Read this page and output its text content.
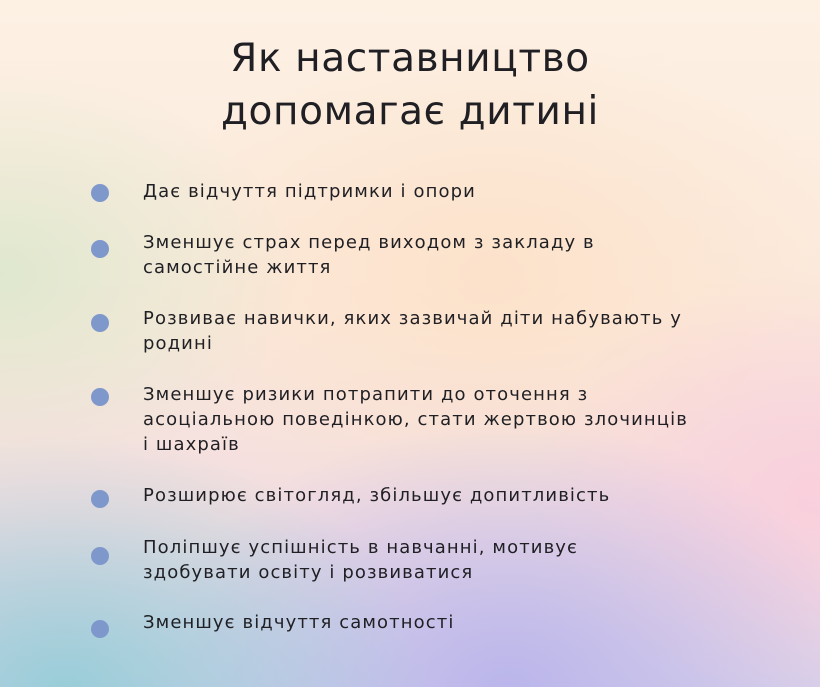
Як наставництво
допомагає дитині
Дає відчуття підтримки і опори
Зменшує страх перед виходом з закладу в
самостійне життя
Розвиває навички, яких зазвичай діти набувають у
родині
Зменшує ризики потрапити до оточення з
асоціальною поведінкою, стати жертвою злочинців
і шахраїв
Розширює світогляд, збільшує допитливість
Поліпшує успішність в навчанні, мотивує
здобувати освіту і розвиватися
Зменшує відчуття самотності
